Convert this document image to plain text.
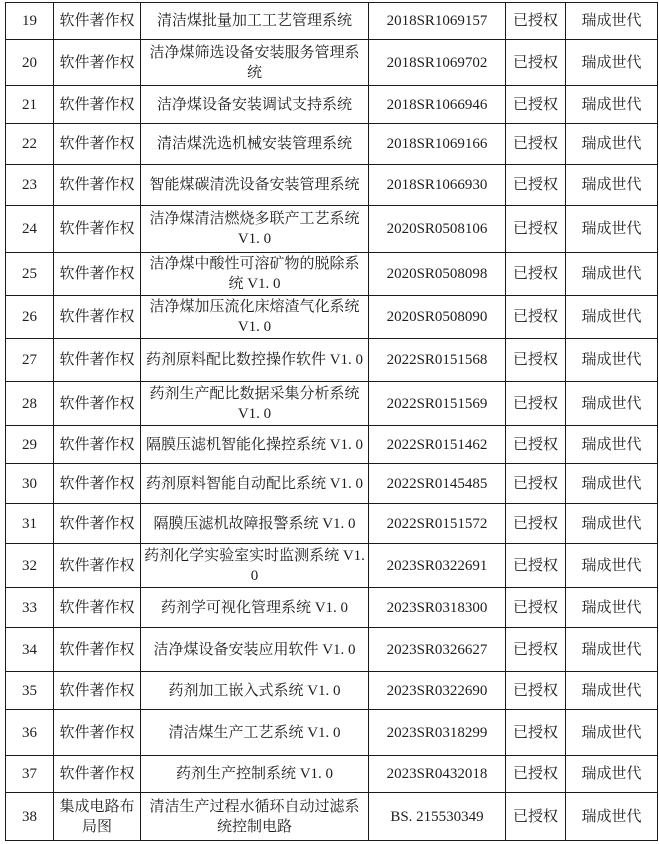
19	软件著作权	清洁煤批量加工工艺管理系统	2018SR1069157	已授权	瑞成世代
20	软件著作权	洁净煤筛选设备安装服务管理系统	2018SR1069702	已授权	瑞成世代
21	软件著作权	洁净煤设备安装调试支持系统	2018SR1066946	已授权	瑞成世代
22	软件著作权	清洁煤洗选机械安装管理系统	2018SR1069166	已授权	瑞成世代
23	软件著作权	智能煤碳清洗设备安装管理系统	2018SR1066930	已授权	瑞成世代
24	软件著作权	洁净煤清洁燃烧多联产工艺系统 V1. 0	2020SR0508106	已授权	瑞成世代
25	软件著作权	洁净煤中酸性可溶矿物的脱除系统 V1. 0	2020SR0508098	已授权	瑞成世代
26	软件著作权	洁净煤加压流化床熔渣气化系统 V1. 0	2020SR0508090	已授权	瑞成世代
27	软件著作权	药剂原料配比数控操作软件 V1. 0	2022SR0151568	已授权	瑞成世代
28	软件著作权	药剂生产配比数据采集分析系统 V1. 0	2022SR0151569	已授权	瑞成世代
29	软件著作权	隔膜压滤机智能化操控系统 V1. 0	2022SR0151462	已授权	瑞成世代
30	软件著作权	药剂原料智能自动配比系统 V1. 0	2022SR0145485	已授权	瑞成世代
31	软件著作权	隔膜压滤机故障报警系统 V1. 0	2022SR0151572	已授权	瑞成世代
32	软件著作权	药剂化学实验室实时监测系统 V1. 0	2023SR0322691	已授权	瑞成世代
33	软件著作权	药剂学可视化管理系统 V1. 0	2023SR0318300	已授权	瑞成世代
34	软件著作权	洁净煤设备安装应用软件 V1. 0	2023SR0326627	已授权	瑞成世代
35	软件著作权	药剂加工嵌入式系统 V1. 0	2023SR0322690	已授权	瑞成世代
36	软件著作权	清洁煤生产工艺系统 V1. 0	2023SR0318299	已授权	瑞成世代
37	软件著作权	药剂生产控制系统 V1. 0	2023SR0432018	已授权	瑞成世代
38	集成电路布局图	清洁生产过程水循环自动过滤系统控制电路	BS. 215530349	已授权	瑞成世代
